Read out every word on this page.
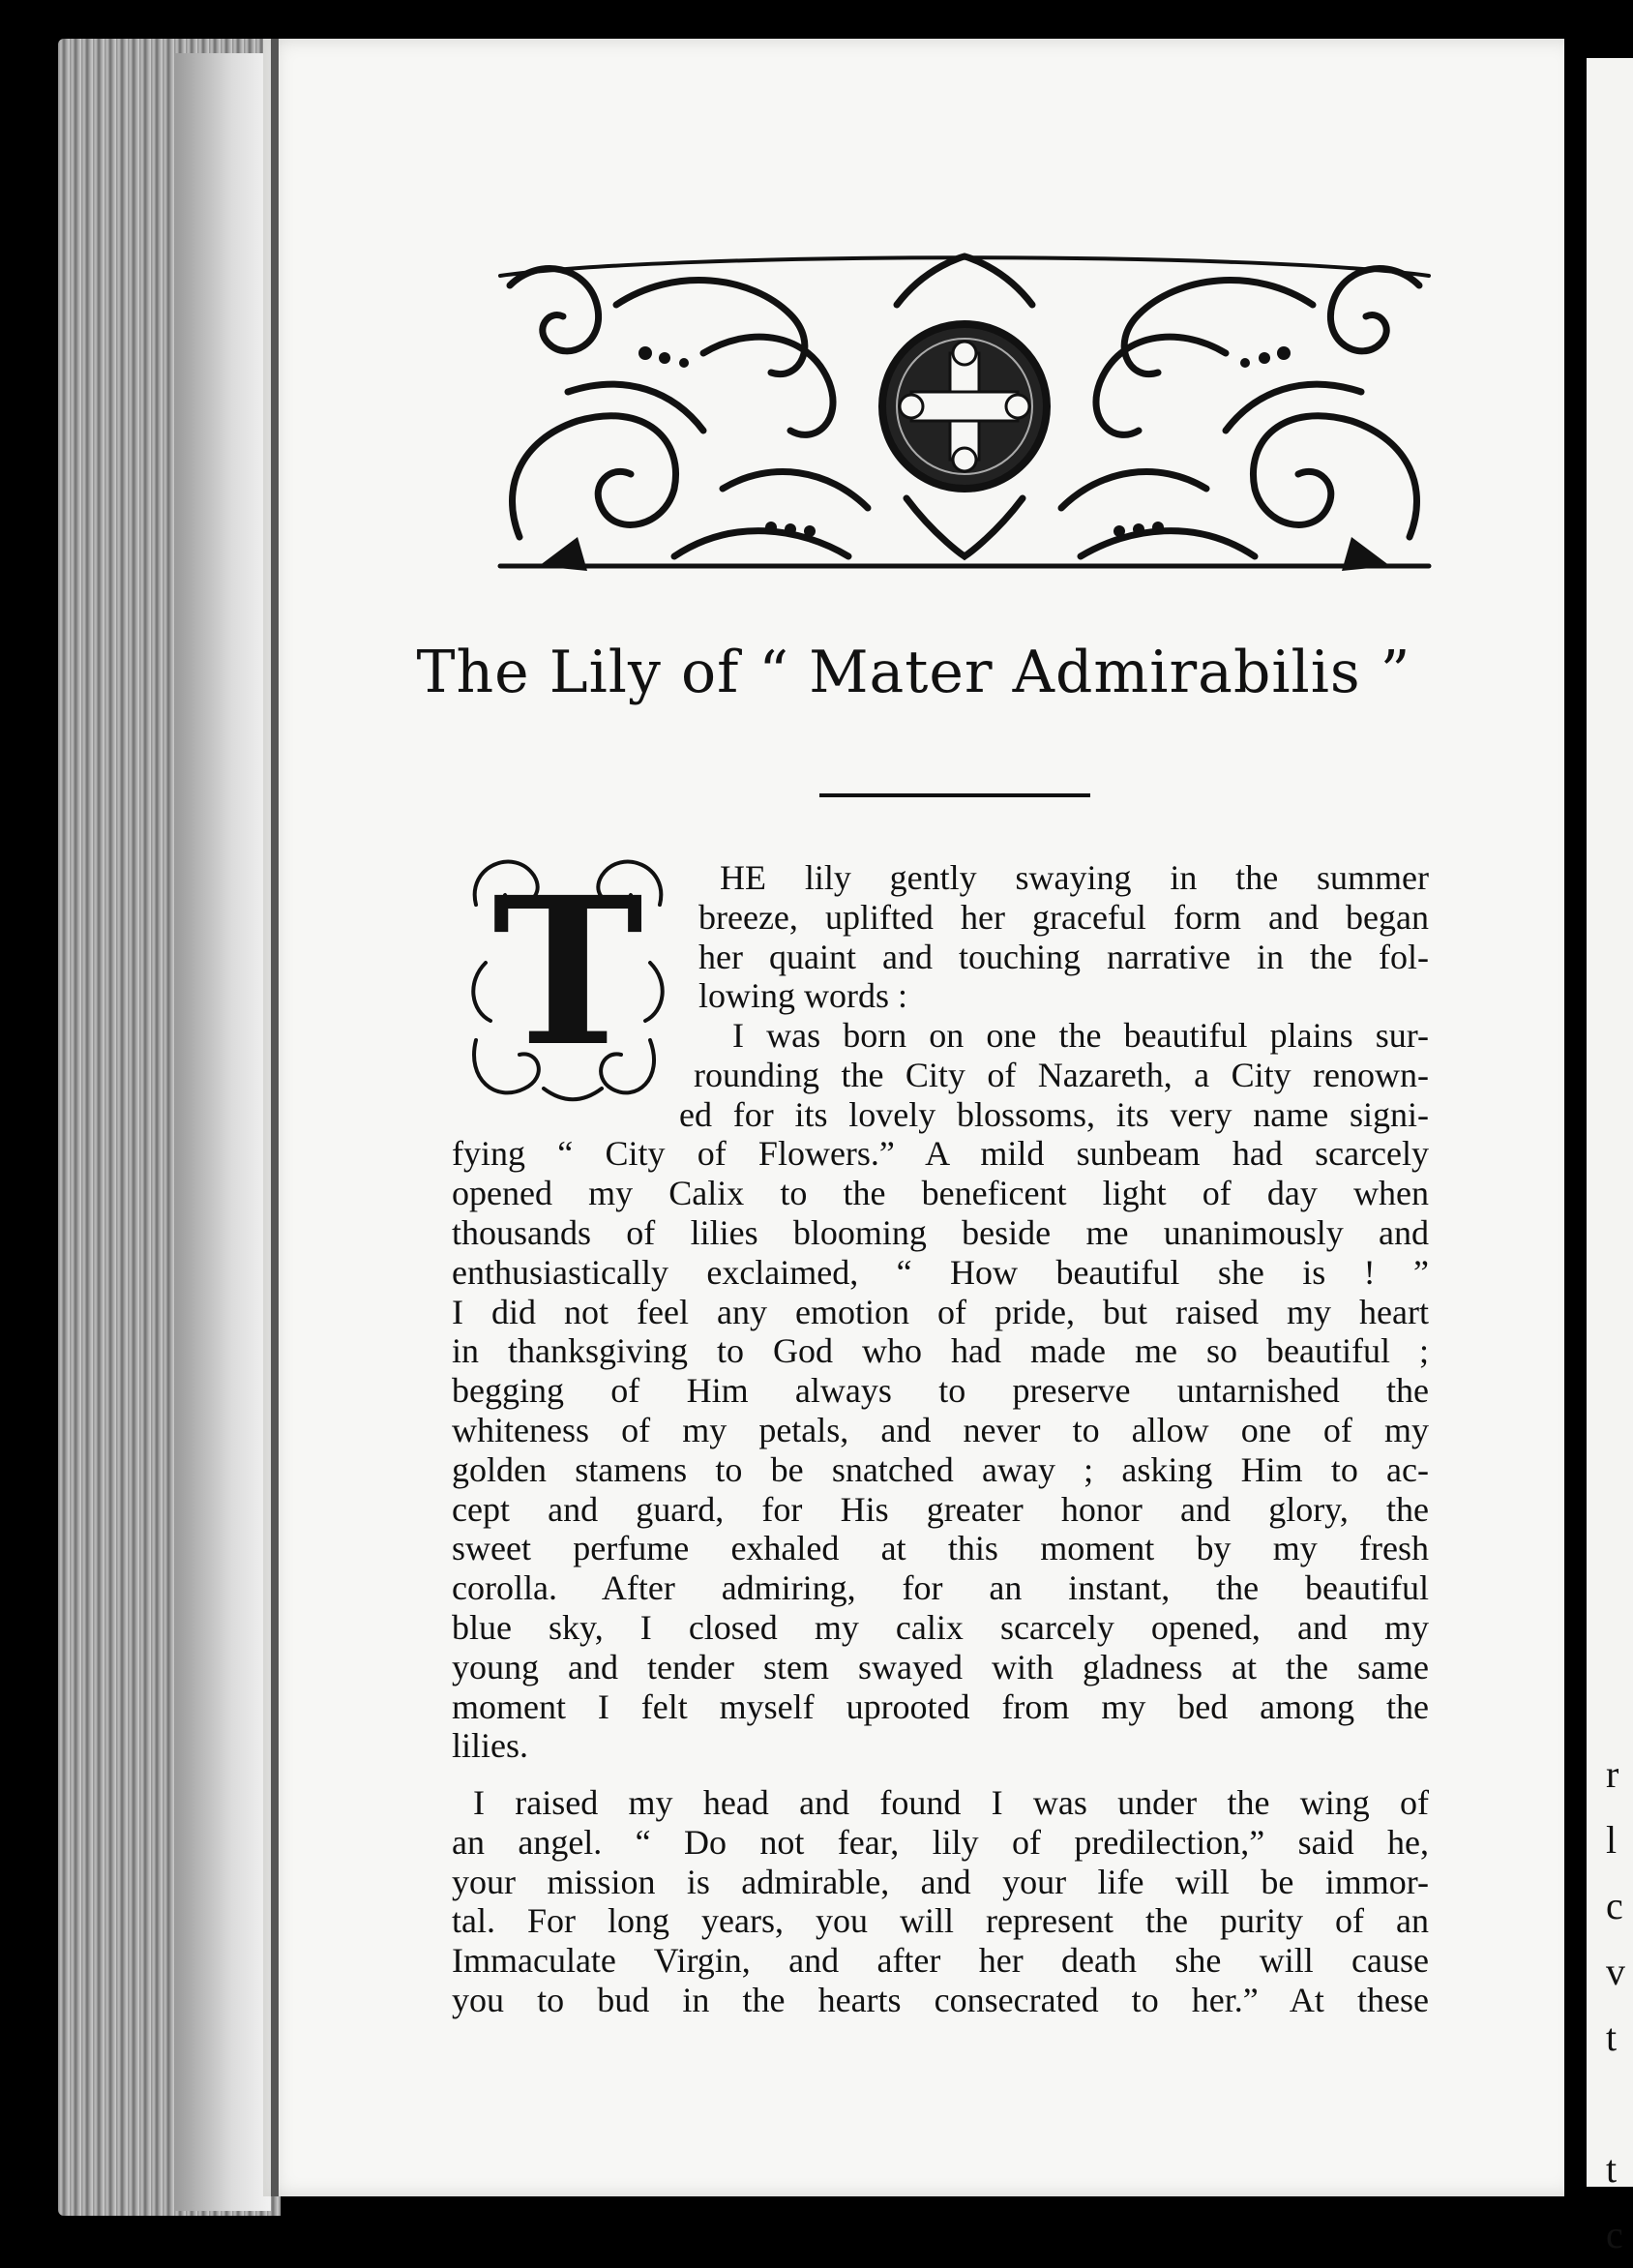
The Lily of “ Mater Admirabilis ”
T	HE lily gently swaying in the summer
breeze, uplifted her graceful form and began
her quaint and touching narrative in the fol-
lowing words :
I was born on one the beautiful plains sur-
rounding the City of Nazareth, a City renown-
ed for its lovely blossoms, its very name signi-
fying “ City of Flowers.” A mild sunbeam had scarcely
opened my Calix to the beneficent light of day when
thousands of lilies blooming beside me unanimously and
enthusiastically exclaimed, “ How beautiful she is ! ”
I did not feel any emotion of pride, but raised my heart
in thanksgiving to God who had made me so beautiful ;
begging of Him always to preserve untarnished the
whiteness of my petals, and never to allow one of my
golden stamens to be snatched away ; asking Him to ac-
cept and guard, for His greater honor and glory, the
sweet perfume exhaled at this moment by my fresh
corolla. After admiring, for an instant, the beautiful
blue sky, I closed my calix scarcely opened, and my
young and tender stem swayed with gladness at the same
moment I felt myself uprooted from my bed among the
lilies.
I raised my head and found I was under the wing of
an angel. “ Do not fear, lily of predilection,” said he,
your mission is admirable, and your life will be immor-
tal. For long years, you will represent the purity of an
Immaculate Virgin, and after her death she will cause
you to bud in the hearts consecrated to her.” At these
r
l
c
v
t

t
c
